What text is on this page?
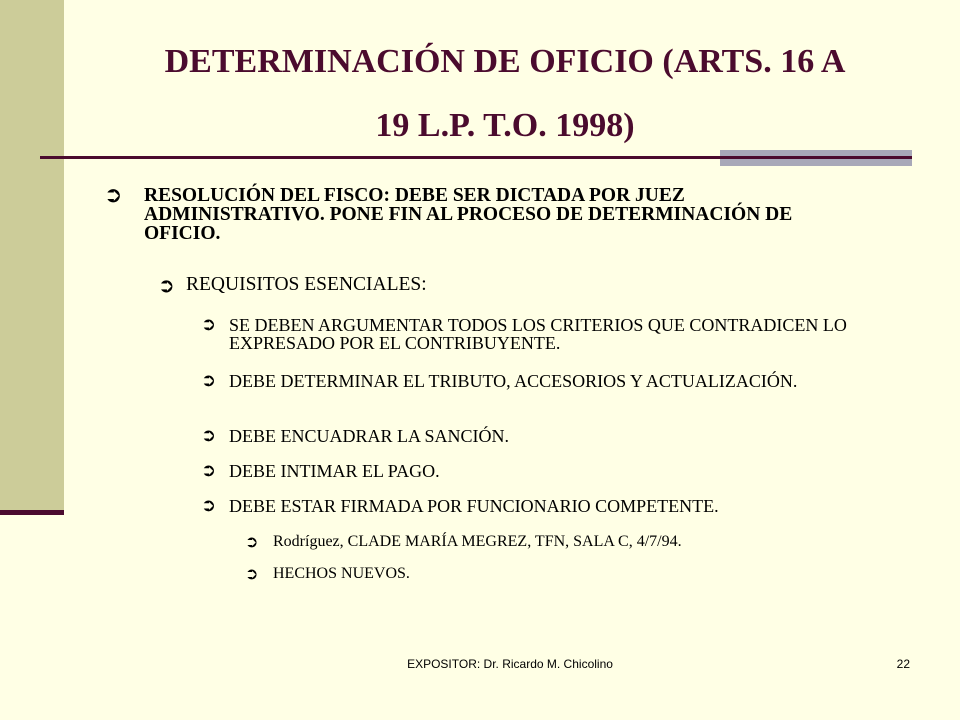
DETERMINACIÓN DE OFICIO (ARTS. 16 A
19 L.P. T.O. 1998)
➲	RESOLUCIÓN DEL FISCO: DEBE SER DICTADA POR JUEZ ADMINISTRATIVO. PONE FIN AL PROCESO DE DETERMINACIÓN DE OFICIO.
➲ REQUISITOS ESENCIALES:
➲ SE DEBEN ARGUMENTAR TODOS LOS CRITERIOS QUE CONTRADICEN LO EXPRESADO POR EL CONTRIBUYENTE.
➲ DEBE DETERMINAR EL TRIBUTO, ACCESORIOS Y ACTUALIZACIÓN.
➲ DEBE ENCUADRAR LA SANCIÓN.
➲ DEBE INTIMAR EL PAGO.
➲ DEBE ESTAR FIRMADA POR FUNCIONARIO COMPETENTE.
➲ Rodríguez, CLADE MARÍA MEGREZ, TFN, SALA C, 4/7/94.
➲ HECHOS NUEVOS.
EXPOSITOR: Dr. Ricardo M. Chicolino	22
